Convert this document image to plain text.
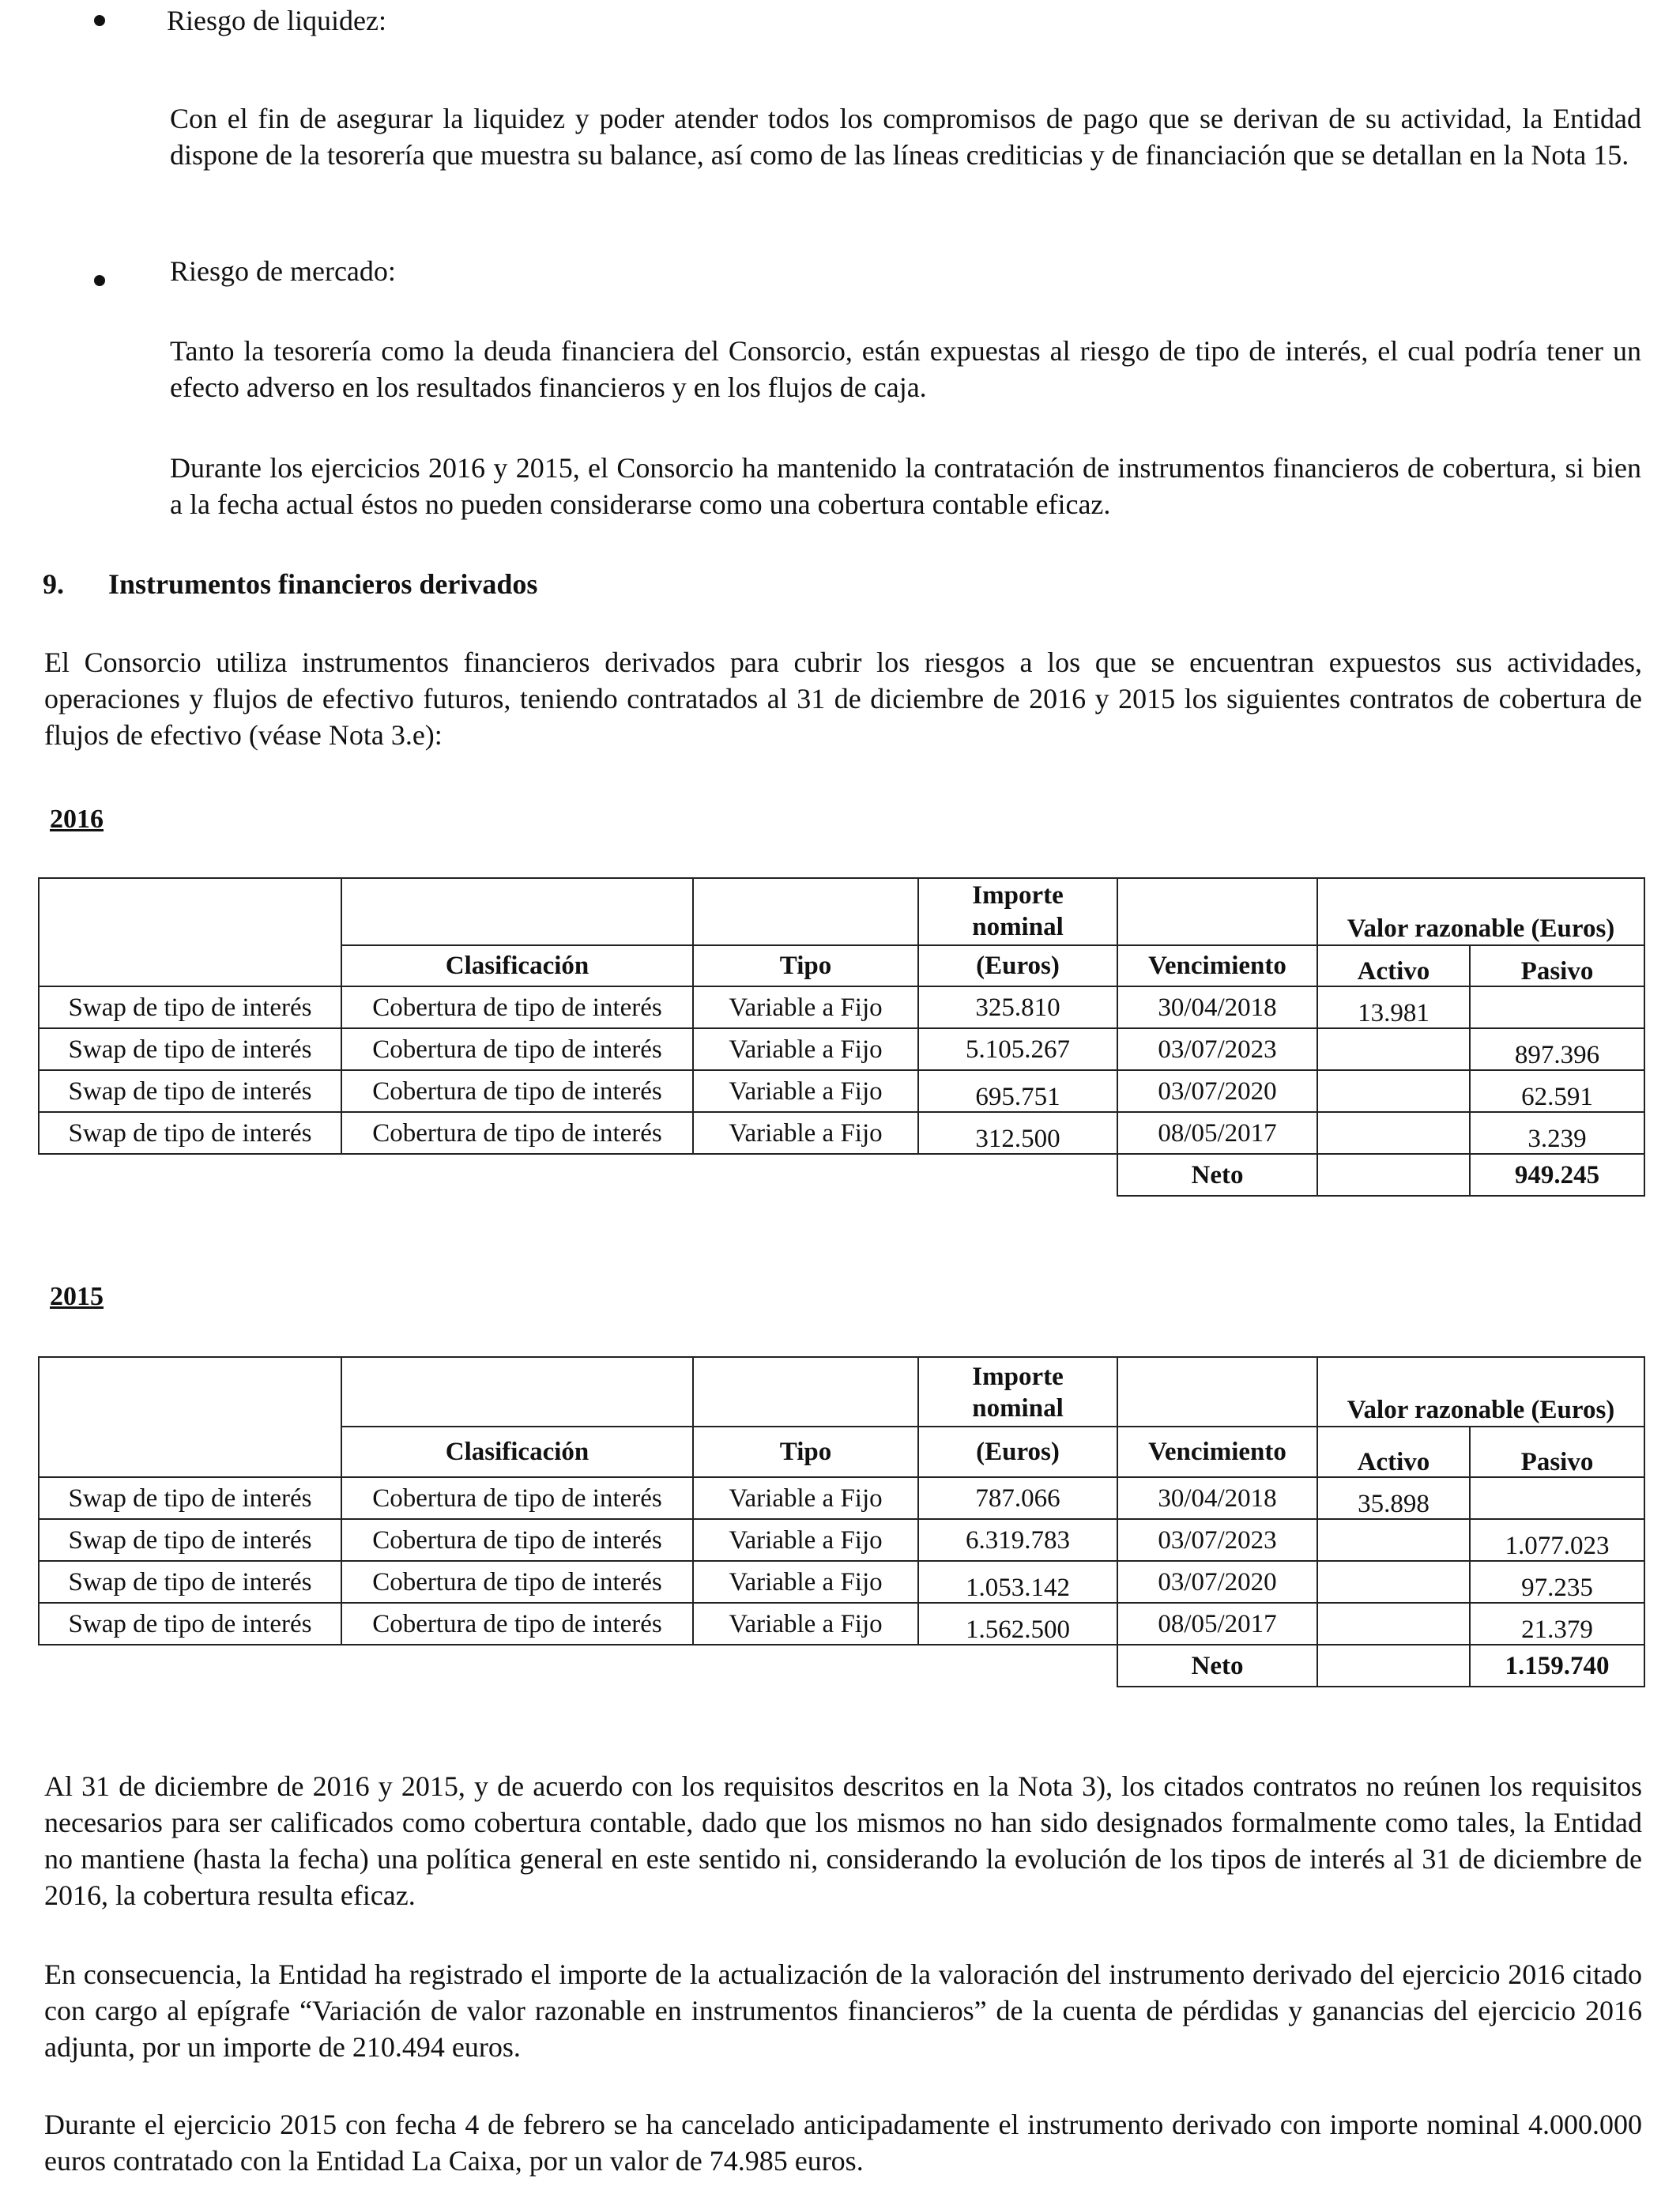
Riesgo de liquidez:
Con el fin de asegurar la liquidez y poder atender todos los compromisos de pago que se derivan de su actividad, la Entidad dispone de la tesorería que muestra su balance, así como de las líneas crediticias y de financiación que se detallan en la Nota 15.
Riesgo de mercado:
Tanto la tesorería como la deuda financiera del Consorcio, están expuestas al riesgo de tipo de interés, el cual podría tener un efecto adverso en los resultados financieros y en los flujos de caja.
Durante los ejercicios 2016 y 2015, el Consorcio ha mantenido la contratación de instrumentos financieros de cobertura, si bien a la fecha actual éstos no pueden considerarse como una cobertura contable eficaz.
9. Instrumentos financieros derivados
El Consorcio utiliza instrumentos financieros derivados para cubrir los riesgos a los que se encuentran expuestos sus actividades, operaciones y flujos de efectivo futuros, teniendo contratados al 31 de diciembre de 2016 y 2015 los siguientes contratos de cobertura de flujos de efectivo (véase Nota 3.e):
2016

			Importe
nominal		Valor razonable (Euros)	
	Clasificación	Tipo	(Euros)	Vencimiento	Activo	Pasivo
Swap de tipo de interés	Cobertura de tipo de interés	Variable a Fijo	325.810	30/04/2018	13.981	
Swap de tipo de interés	Cobertura de tipo de interés	Variable a Fijo	5.105.267	03/07/2023		897.396
Swap de tipo de interés	Cobertura de tipo de interés	Variable a Fijo	695.751	03/07/2020		62.591
Swap de tipo de interés	Cobertura de tipo de interés	Variable a Fijo	312.500	08/05/2017		3.239
				Neto		949.245
2015

			Importe
nominal		Valor razonable (Euros)	
	Clasificación	Tipo	(Euros)	Vencimiento	Activo	Pasivo
Swap de tipo de interés	Cobertura de tipo de interés	Variable a Fijo	787.066	30/04/2018	35.898	
Swap de tipo de interés	Cobertura de tipo de interés	Variable a Fijo	6.319.783	03/07/2023		1.077.023
Swap de tipo de interés	Cobertura de tipo de interés	Variable a Fijo	1.053.142	03/07/2020		97.235
Swap de tipo de interés	Cobertura de tipo de interés	Variable a Fijo	1.562.500	08/05/2017		21.379
				Neto		1.159.740
Al 31 de diciembre de 2016 y 2015, y de acuerdo con los requisitos descritos en la Nota 3), los citados contratos no reúnen los requisitos necesarios para ser calificados como cobertura contable, dado que los mismos no han sido designados formalmente como tales, la Entidad no mantiene (hasta la fecha) una política general en este sentido ni, considerando la evolución de los tipos de interés al 31 de diciembre de 2016, la cobertura resulta eficaz.
En consecuencia, la Entidad ha registrado el importe de la actualización de la valoración del instrumento derivado del ejercicio 2016 citado con cargo al epígrafe “Variación de valor razonable en instrumentos financieros” de la cuenta de pérdidas y ganancias del ejercicio 2016 adjunta, por un importe de 210.494 euros.
Durante el ejercicio 2015 con fecha 4 de febrero se ha cancelado anticipadamente el instrumento derivado con importe nominal 4.000.000 euros contratado con la Entidad La Caixa, por un valor de 74.985 euros.
